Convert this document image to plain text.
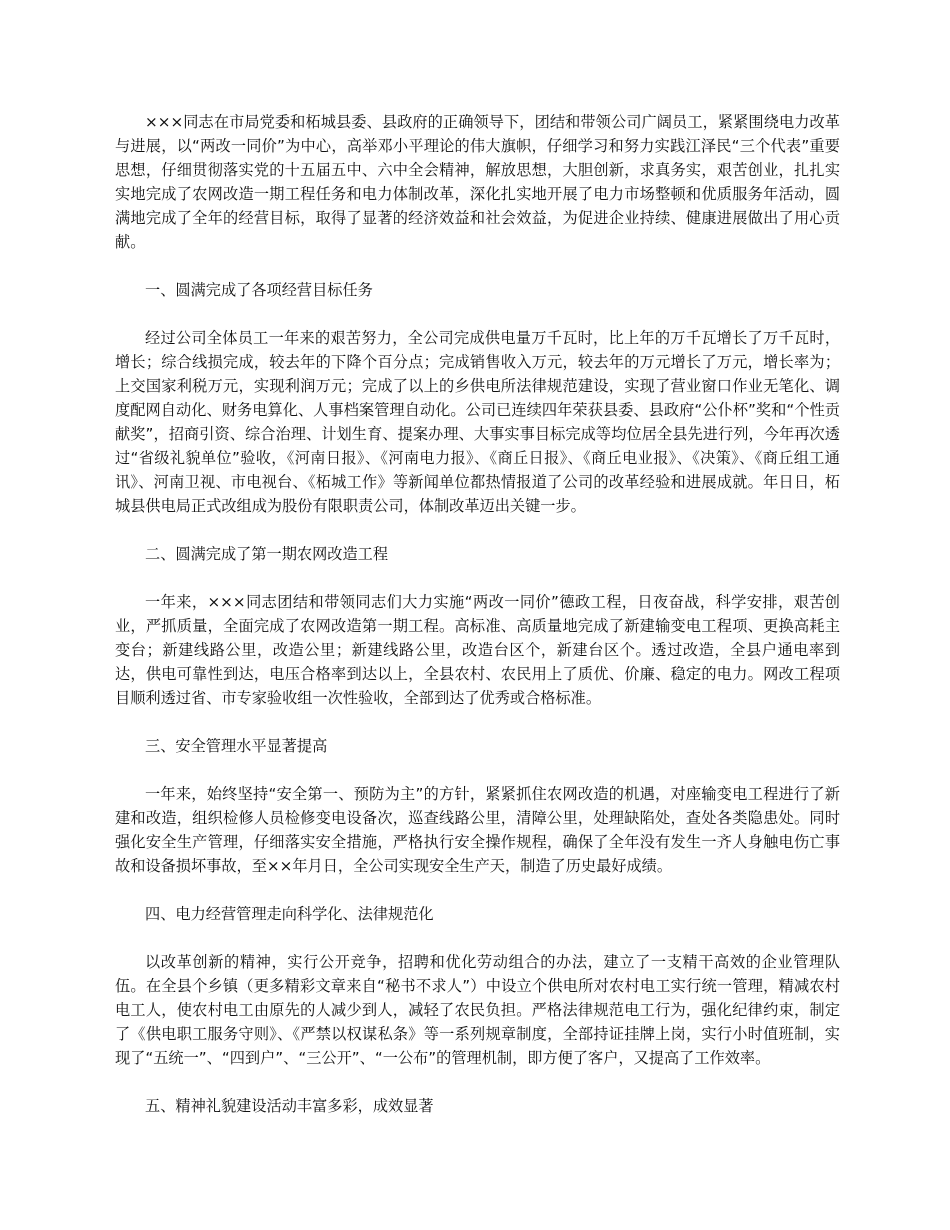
×××同志在市局党委和柘城县委、县政府的正确领导下，团结和带领公司广阔员工，紧紧围绕电力改革与进展，以“两改一同价”为中心，高举邓小平理论的伟大旗帜，仔细学习和努力实践江泽民“三个代表”重要思想，仔细贯彻落实党的十五届五中、六中全会精神，解放思想，大胆创新，求真务实，艰苦创业，扎扎实实地完成了农网改造一期工程任务和电力体制改革，深化扎实地开展了电力市场整顿和优质服务年活动，圆满地完成了全年的经营目标，取得了显著的经济效益和社会效益，为促进企业持续、健康进展做出了用心贡献。

一、圆满完成了各项经营目标任务

经过公司全体员工一年来的艰苦努力，全公司完成供电量万千瓦时，比上年的万千瓦增长了万千瓦时，增长；综合线损完成，较去年的下降个百分点；完成销售收入万元，较去年的万元增长了万元，增长率为；上交国家利税万元，实现利润万元；完成了以上的乡供电所法律规范建设，实现了营业窗口作业无笔化、调度配网自动化、财务电算化、人事档案管理自动化。公司已连续四年荣获县委、县政府“公仆杯”奖和“个性贡献奖”，招商引资、综合治理、计划生育、提案办理、大事实事目标完成等均位居全县先进行列，今年再次透过“省级礼貌单位”验收，《河南日报》、《河南电力报》、《商丘日报》、《商丘电业报》、《决策》、《商丘组工通讯》、河南卫视、市电视台、《柘城工作》等新闻单位都热情报道了公司的改革经验和进展成就。年日日，柘城县供电局正式改组成为股份有限职责公司，体制改革迈出关键一步。

二、圆满完成了第一期农网改造工程

一年来，×××同志团结和带领同志们大力实施“两改一同价”德政工程，日夜奋战，科学安排，艰苦创业，严抓质量，全面完成了农网改造第一期工程。高标准、高质量地完成了新建输变电工程项、更换高耗主变台；新建线路公里，改造公里；新建线路公里，改造台区个，新建台区个。透过改造，全县户通电率到达，供电可靠性到达，电压合格率到达以上，全县农村、农民用上了质优、价廉、稳定的电力。网改工程项目顺利透过省、市专家验收组一次性验收，全部到达了优秀或合格标准。

三、安全管理水平显著提高

一年来，始终坚持“安全第一、预防为主”的方针，紧紧抓住农网改造的机遇，对座输变电工程进行了新建和改造，组织检修人员检修变电设备次，巡查线路公里，清障公里，处理缺陷处，查处各类隐患处。同时强化安全生产管理，仔细落实安全措施，严格执行安全操作规程，确保了全年没有发生一齐人身触电伤亡事故和设备损坏事故，至××年月日，全公司实现安全生产天，制造了历史最好成绩。

四、电力经营管理走向科学化、法律规范化

以改革创新的精神，实行公开竞争，招聘和优化劳动组合的办法，建立了一支精干高效的企业管理队伍。在全县个乡镇（更多精彩文章来自“秘书不求人”）中设立个供电所对农村电工实行统一管理，精减农村电工人，使农村电工由原先的人减少到人，减轻了农民负担。严格法律规范电工行为，强化纪律约束，制定了《供电职工服务守则》、《严禁以权谋私条》等一系列规章制度，全部持证挂牌上岗，实行小时值班制，实现了“五统一”、“四到户”、“三公开”、“一公布”的管理机制，即方便了客户，又提高了工作效率。

五、精神礼貌建设活动丰富多彩，成效显著
